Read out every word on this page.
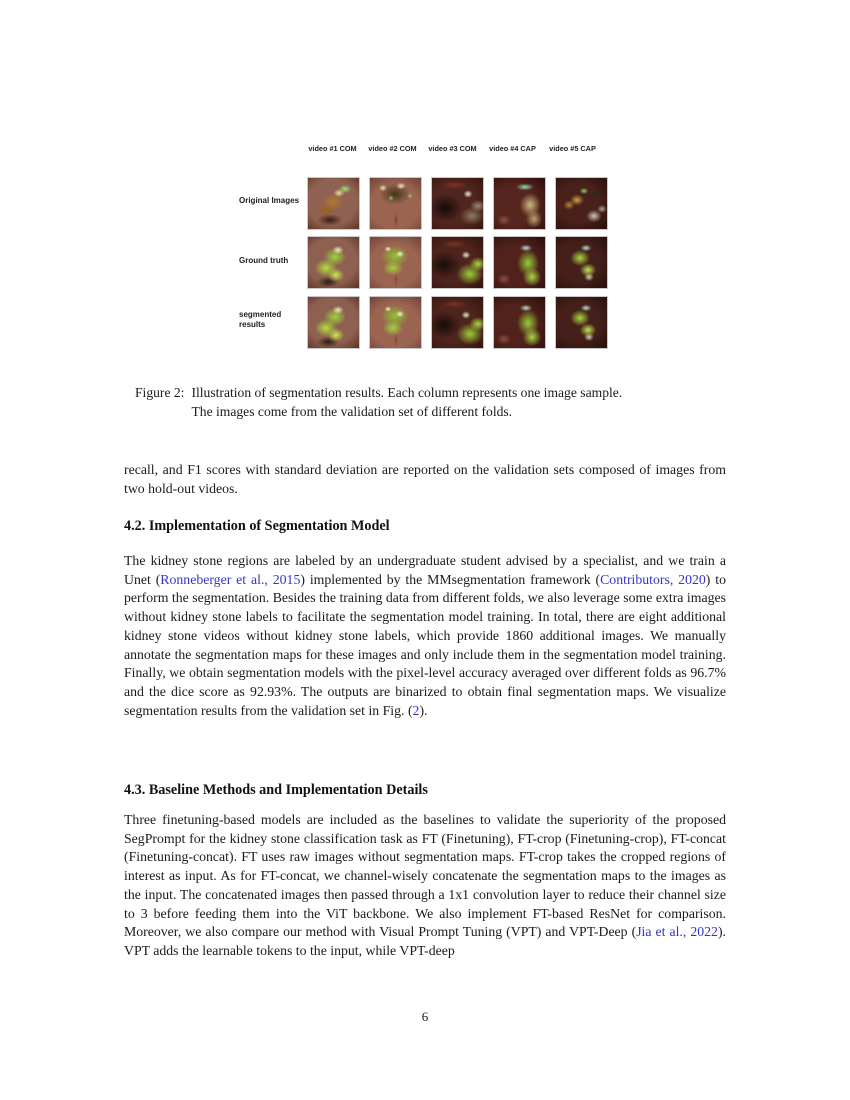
video #1 COM video #2 COM video #3 COM video #4 CAP video #5 CAP
Original Images
Ground truth
segmented results
Figure 2: Illustration of segmentation results. Each column represents one image sample.
The images come from the validation set of different folds.
recall, and F1 scores with standard deviation are reported on the validation sets composed of images from two hold-out videos.
4.2. Implementation of Segmentation Model
The kidney stone regions are labeled by an undergraduate student advised by a specialist, and we train a Unet (Ronneberger et al., 2015) implemented by the MMsegmentation framework (Contributors, 2020) to perform the segmentation. Besides the training data from different folds, we also leverage some extra images without kidney stone labels to facilitate the segmentation model training. In total, there are eight additional kidney stone videos without kidney stone labels, which provide 1860 additional images. We manually annotate the segmentation maps for these images and only include them in the segmentation model training. Finally, we obtain segmentation models with the pixel-level accuracy averaged over different folds as 96.7% and the dice score as 92.93%. The outputs are binarized to obtain final segmentation maps. We visualize segmentation results from the validation set in Fig. (2).
4.3. Baseline Methods and Implementation Details
Three finetuning-based models are included as the baselines to validate the superiority of the proposed SegPrompt for the kidney stone classification task as FT (Finetuning), FT-crop (Finetuning-crop), FT-concat (Finetuning-concat). FT uses raw images without segmentation maps. FT-crop takes the cropped regions of interest as input. As for FT-concat, we channel-wisely concatenate the segmentation maps to the images as the input. The concatenated images then passed through a 1x1 convolution layer to reduce their channel size to 3 before feeding them into the ViT backbone. We also implement FT-based ResNet for comparison. Moreover, we also compare our method with Visual Prompt Tuning (VPT) and VPT-Deep (Jia et al., 2022). VPT adds the learnable tokens to the input, while VPT-deep
6
